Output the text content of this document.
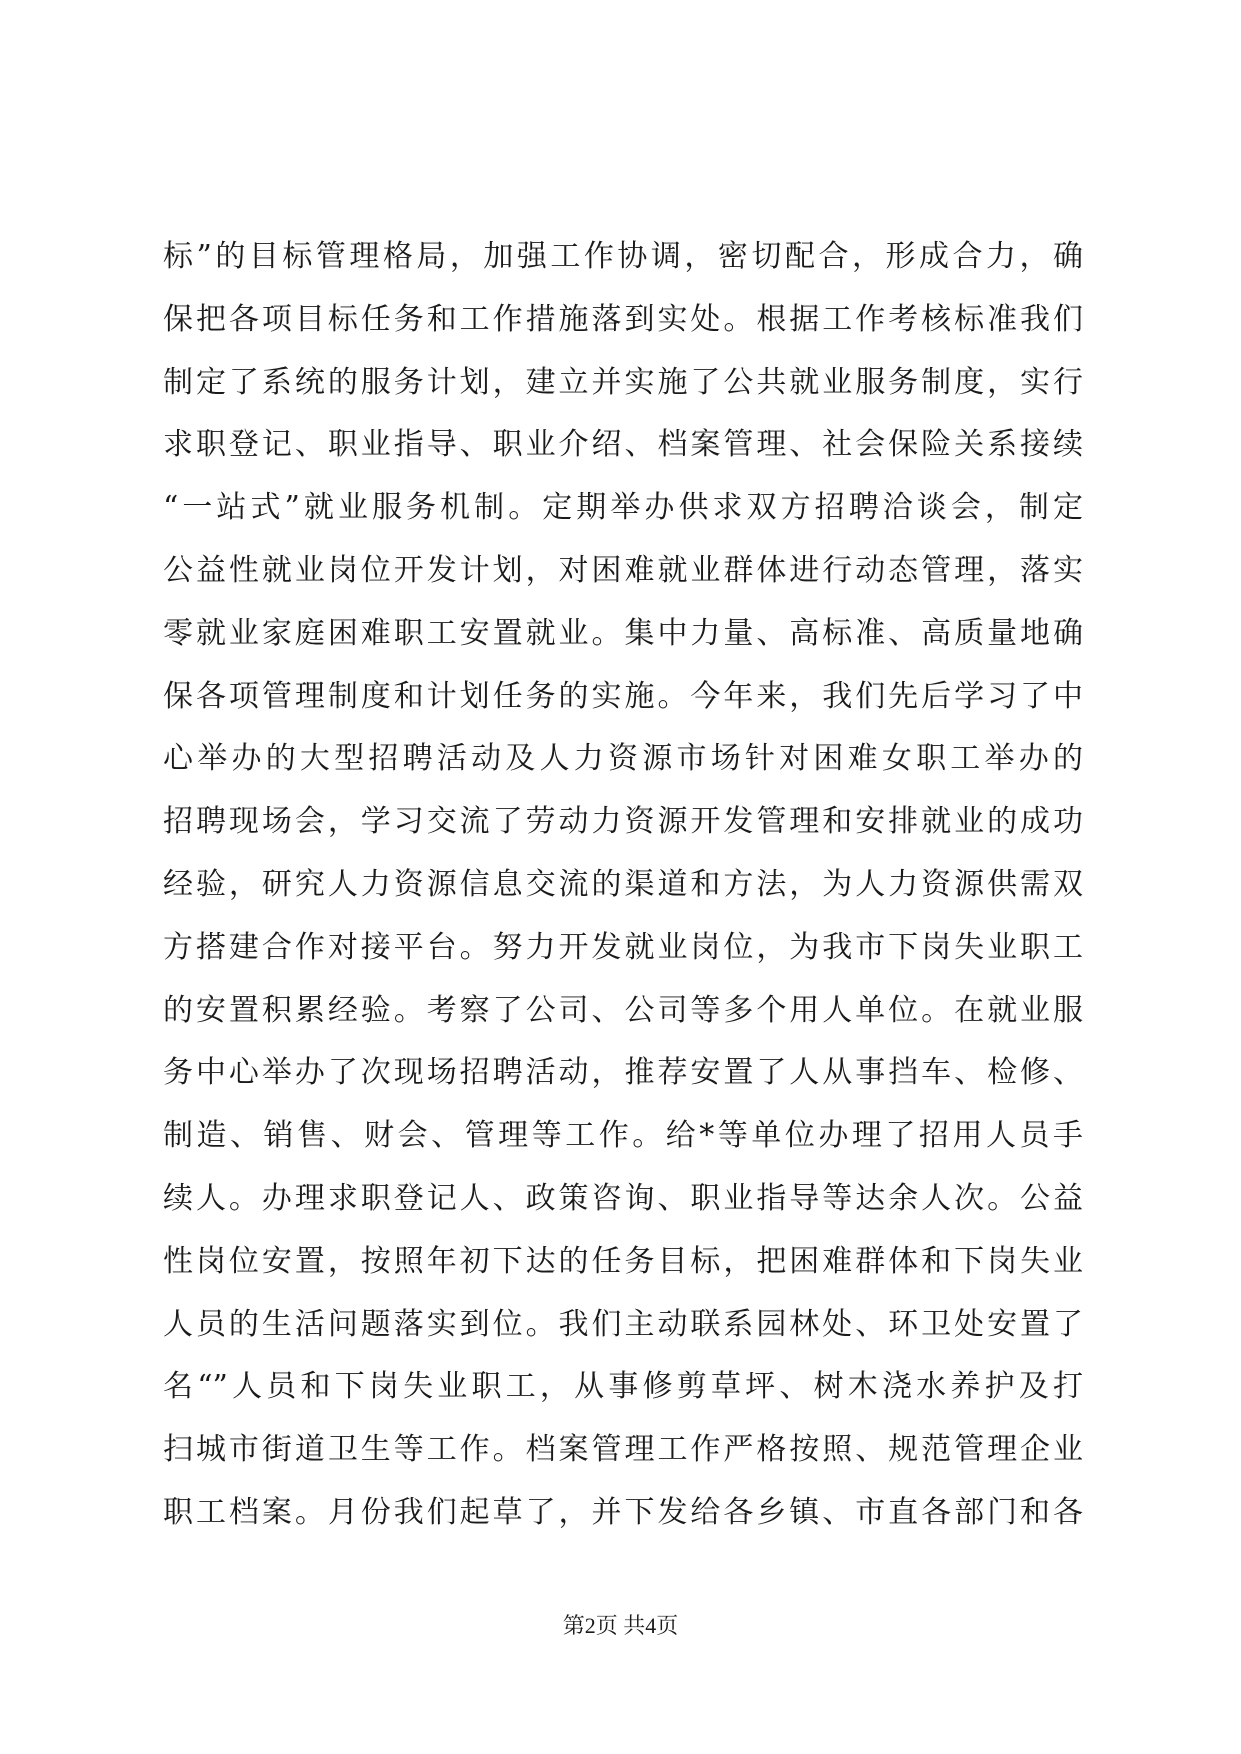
标”的目标管理格局，加强工作协调，密切配合，形成合力，确
保把各项目标任务和工作措施落到实处。根据工作考核标准我们
制定了系统的服务计划，建立并实施了公共就业服务制度，实行
求职登记、职业指导、职业介绍、档案管理、社会保险关系接续
“一站式”就业服务机制。定期举办供求双方招聘洽谈会，制定
公益性就业岗位开发计划，对困难就业群体进行动态管理，落实
零就业家庭困难职工安置就业。集中力量、高标准、高质量地确
保各项管理制度和计划任务的实施。今年来，我们先后学习了中
心举办的大型招聘活动及人力资源市场针对困难女职工举办的
招聘现场会，学习交流了劳动力资源开发管理和安排就业的成功
经验，研究人力资源信息交流的渠道和方法，为人力资源供需双
方搭建合作对接平台。努力开发就业岗位，为我市下岗失业职工
的安置积累经验。考察了公司、公司等多个用人单位。在就业服
务中心举办了次现场招聘活动，推荐安置了人从事挡车、检修、
制造、销售、财会、管理等工作。给*等单位办理了招用人员手
续人。办理求职登记人、政策咨询、职业指导等达余人次。公益
性岗位安置，按照年初下达的任务目标，把困难群体和下岗失业
人员的生活问题落实到位。我们主动联系园林处、环卫处安置了
名“”人员和下岗失业职工，从事修剪草坪、树木浇水养护及打
扫城市街道卫生等工作。档案管理工作严格按照、规范管理企业
职工档案。月份我们起草了，并下发给各乡镇、市直各部门和各
第2页 共4页
